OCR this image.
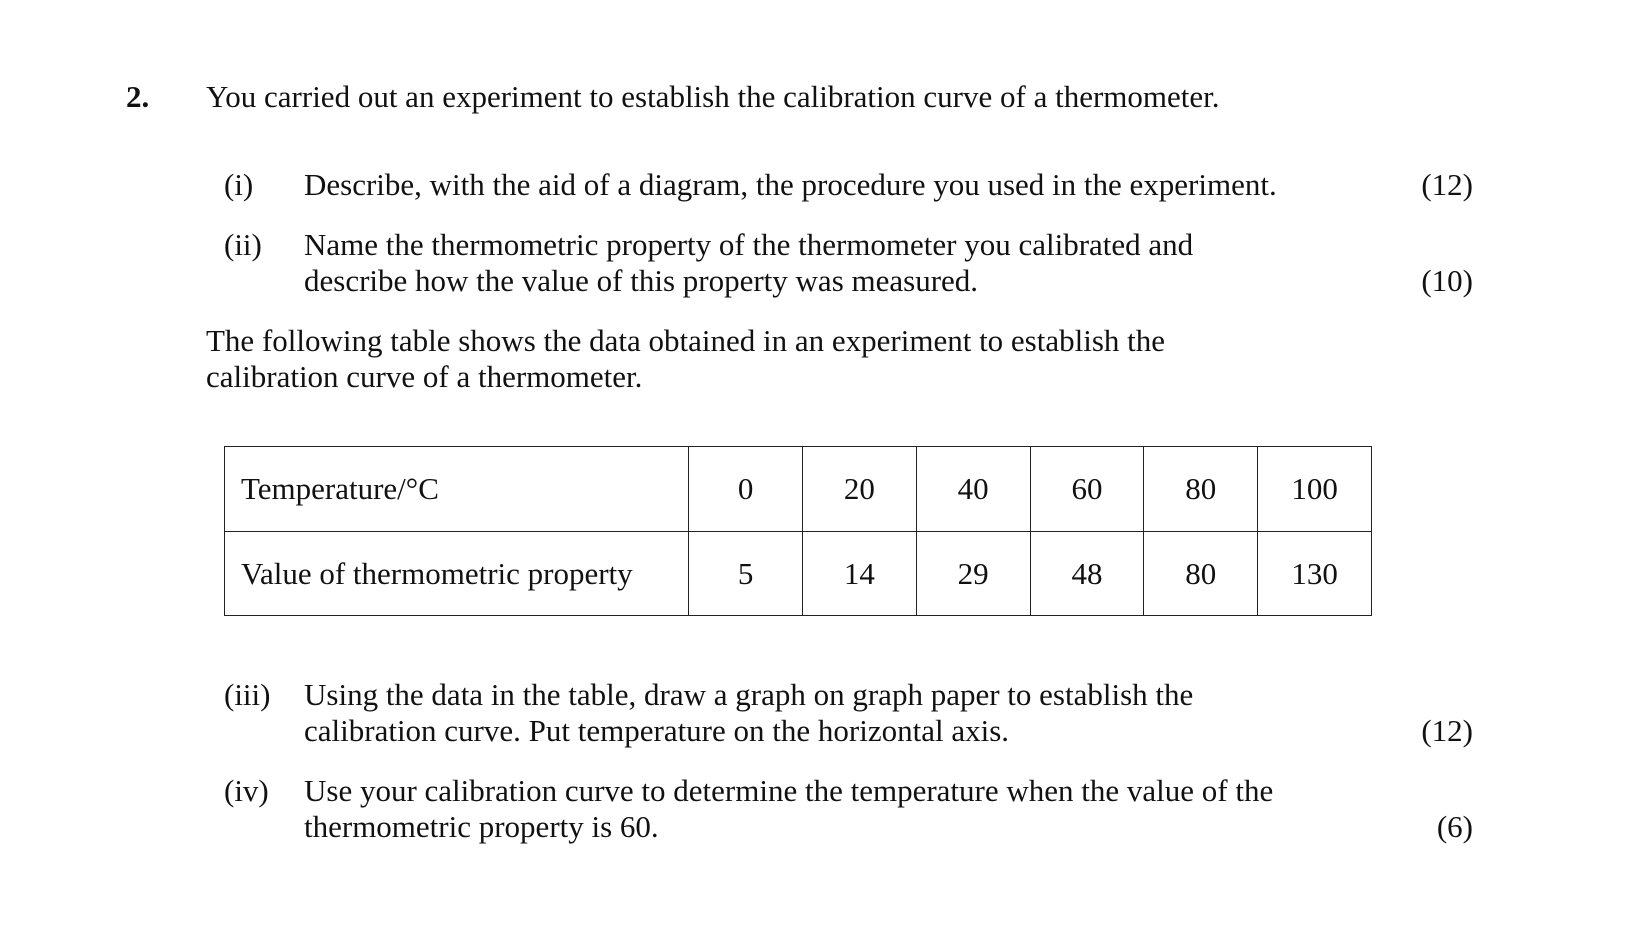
2. You carried out an experiment to establish the calibration curve of a thermometer.
(i) Describe, with the aid of a diagram, the procedure you used in the experiment.	(12)
(ii) Name the thermometric property of the thermometer you calibrated and
describe how the value of this property was measured.	(10)
The following table shows the data obtained in an experiment to establish the
calibration curve of a thermometer.
Temperature/°C	0	20	40	60	80	100
Value of thermometric property	5	14	29	48	80	130
(iii) Using the data in the table, draw a graph on graph paper to establish the
calibration curve. Put temperature on the horizontal axis.	(12)
(iv) Use your calibration curve to determine the temperature when the value of the
thermometric property is 60.	(6)
